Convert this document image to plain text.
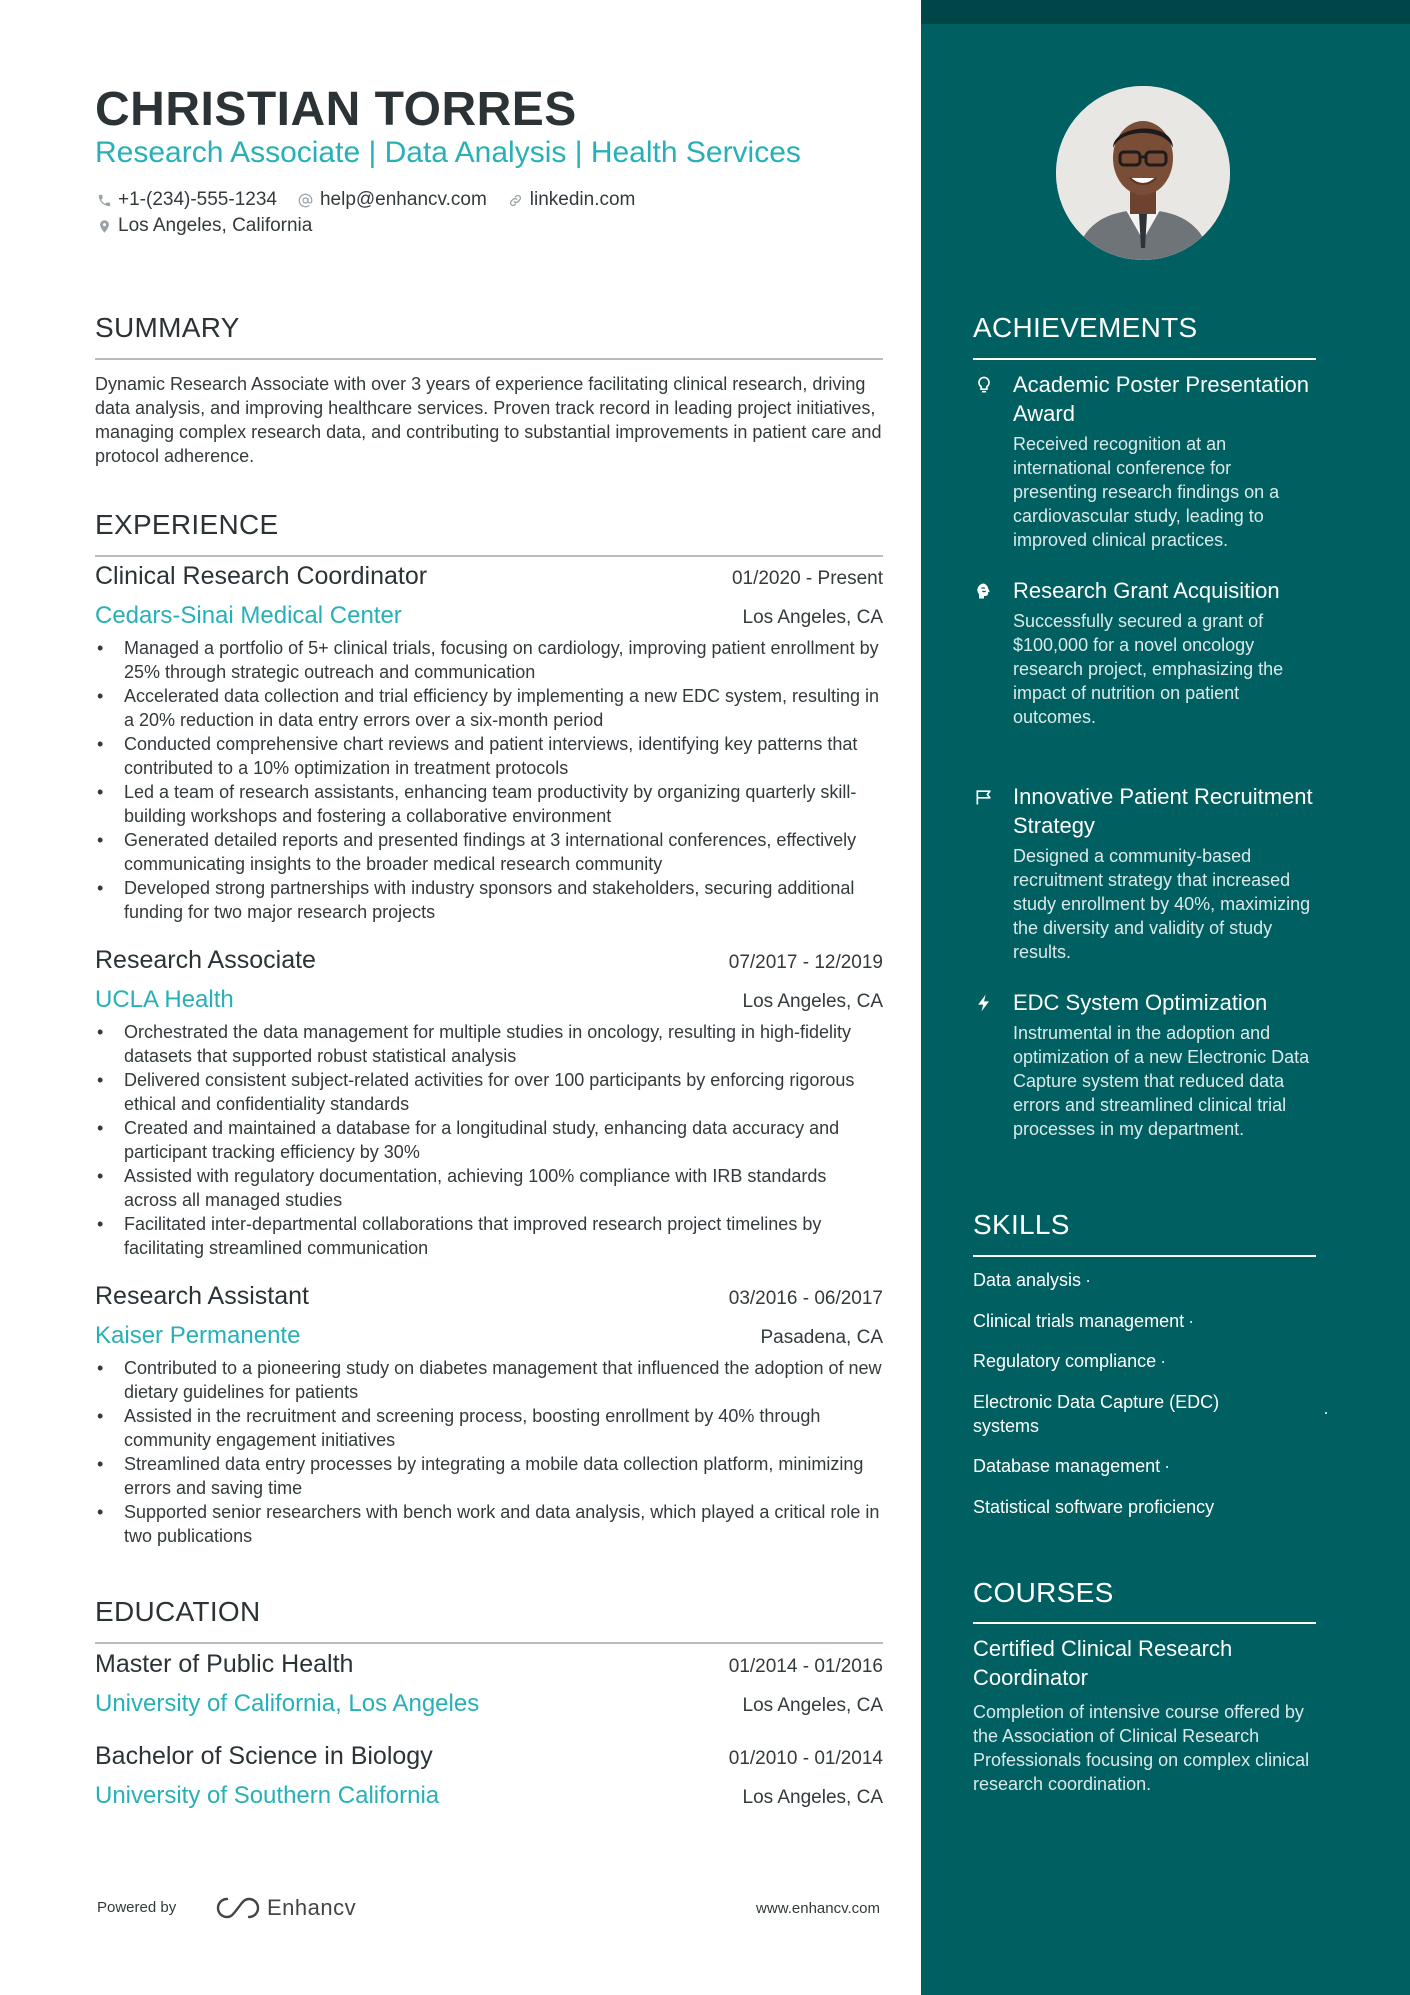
CHRISTIAN TORRES
Research Associate | Data Analysis | Health Services
+1-(234)-555-1234 help@enhancv.com linkedin.com
Los Angeles, California
SUMMARY
Dynamic Research Associate with over 3 years of experience facilitating clinical research, driving data analysis, and improving healthcare services. Proven track record in leading project initiatives, managing complex research data, and contributing to substantial improvements in patient care and protocol adherence.
EXPERIENCE
Clinical Research Coordinator	01/2020 - Present
Cedars-Sinai Medical Center	Los Angeles, CA
• Managed a portfolio of 5+ clinical trials, focusing on cardiology, improving patient enrollment by 25% through strategic outreach and communication
• Accelerated data collection and trial efficiency by implementing a new EDC system, resulting in a 20% reduction in data entry errors over a six-month period
• Conducted comprehensive chart reviews and patient interviews, identifying key patterns that contributed to a 10% optimization in treatment protocols
• Led a team of research assistants, enhancing team productivity by organizing quarterly skill-building workshops and fostering a collaborative environment
• Generated detailed reports and presented findings at 3 international conferences, effectively communicating insights to the broader medical research community
• Developed strong partnerships with industry sponsors and stakeholders, securing additional funding for two major research projects
Research Associate	07/2017 - 12/2019
UCLA Health	Los Angeles, CA
• Orchestrated the data management for multiple studies in oncology, resulting in high-fidelity datasets that supported robust statistical analysis
• Delivered consistent subject-related activities for over 100 participants by enforcing rigorous ethical and confidentiality standards
• Created and maintained a database for a longitudinal study, enhancing data accuracy and participant tracking efficiency by 30%
• Assisted with regulatory documentation, achieving 100% compliance with IRB standards across all managed studies
• Facilitated inter-departmental collaborations that improved research project timelines by facilitating streamlined communication
Research Assistant	03/2016 - 06/2017
Kaiser Permanente	Pasadena, CA
• Contributed to a pioneering study on diabetes management that influenced the adoption of new dietary guidelines for patients
• Assisted in the recruitment and screening process, boosting enrollment by 40% through community engagement initiatives
• Streamlined data entry processes by integrating a mobile data collection platform, minimizing errors and saving time
• Supported senior researchers with bench work and data analysis, which played a critical role in two publications
EDUCATION
Master of Public Health	01/2014 - 01/2016
University of California, Los Angeles	Los Angeles, CA
Bachelor of Science in Biology	01/2010 - 01/2014
University of Southern California	Los Angeles, CA
Powered by	Enhancv	www.enhancv.com
ACHIEVEMENTS
Academic Poster Presentation Award
Received recognition at an international conference for presenting research findings on a cardiovascular study, leading to improved clinical practices.
Research Grant Acquisition
Successfully secured a grant of $100,000 for a novel oncology research project, emphasizing the impact of nutrition on patient outcomes.
Innovative Patient Recruitment Strategy
Designed a community-based recruitment strategy that increased study enrollment by 40%, maximizing the diversity and validity of study results.
EDC System Optimization
Instrumental in the adoption and optimization of a new Electronic Data Capture system that reduced data errors and streamlined clinical trial processes in my department.
SKILLS
Data analysis ·
Clinical trials management ·
Regulatory compliance ·
Electronic Data Capture (EDC) systems
·
Database management ·
Statistical software proficiency
COURSES
Certified Clinical Research Coordinator
Completion of intensive course offered by the Association of Clinical Research Professionals focusing on complex clinical research coordination.
